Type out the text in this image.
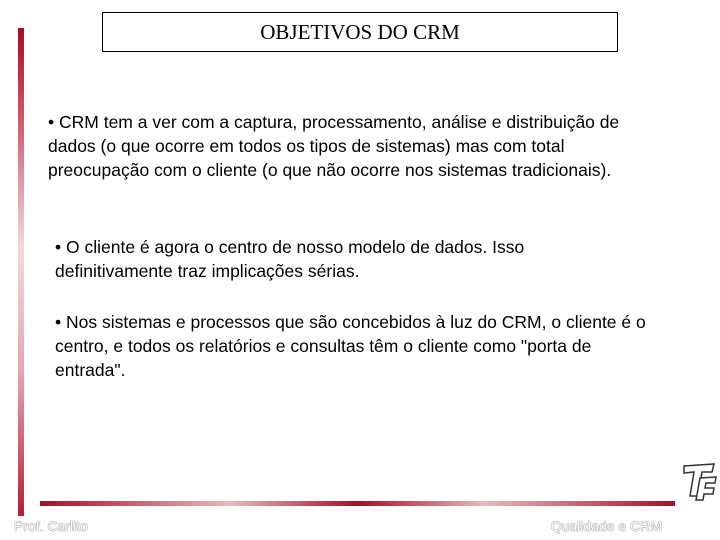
OBJETIVOS DO CRM

• CRM tem a ver com a captura, processamento, análise e distribuição de dados (o que ocorre em todos os tipos de sistemas) mas com total preocupação com o cliente (o que não ocorre nos sistemas tradicionais).

• O cliente é agora o centro de nosso modelo de dados. Isso definitivamente traz implicações sérias.

• Nos sistemas e processos que são concebidos à luz do CRM, o cliente é o centro, e todos os relatórios e consultas têm o cliente como "porta de entrada".

Prof. Carlito	Qualidade e CRM
